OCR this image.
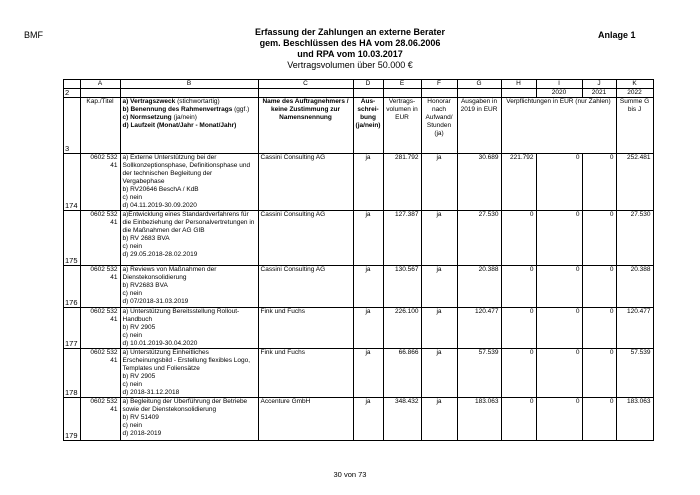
BMF	Anlage 1
Erfassung der Zahlungen an externe Berater
gem. Beschlüssen des HA vom 28.06.2006
und RPA vom 10.03.2017
Vertragsvolumen über 50.000 €
	A	B	C	D	E	F	G	H	I	J	K
2									2020	2021	2022
3	Kap./Titel	a) Vertragszweck (stichwortartig)
b) Benennung des Rahmenvertrags (ggf.)
c) Normsetzung (ja/nein)
d) Laufzeit (Monat/Jahr - Monat/Jahr)	Name des Auftragnehmers / keine Zustimmung zur Namensnennung	Aus-schrei-bung (ja/nein)	Vertrags-volumen in EUR	Honorar nach Aufwand/ Stunden (ja)	Ausgaben in 2019 in EUR	Verpflichtungen in EUR (nur Zahlen)			Summe G bis J
174	0602 532 41	a) Externe Unterstützung bei der Sollkonzeptionsphase, Definitionsphase und der technischen Begleitung der Vergabephase
b) RV20646 BeschA / KdB
c) nein
d) 04.11.2019-30.09.2020	Cassini Consulting AG	ja	281.792	ja	30.689	221.792	0	0	252.481
175	0602 532 41	a)Entwicklung eines Standardverfahrens für die Einbeziehung der Personalvertretungen in die Maßnahmen der AG GIB
b) RV 2683 BVA
c) nein
d) 29.05.2018-28.02.2019	Cassini Consulting AG	ja	127.387	ja	27.530	0	0	0	27.530
176	0602 532 41	a) Reviews von Maßnahmen der Dienstekonsolidierung
b) RV2683 BVA
c) nein
d) 07/2018-31.03.2019	Cassini Consulting AG	ja	130.567	ja	20.388	0	0	0	20.388
177	0602 532 41	a) Unterstützung Bereitsstellung Rollout-Handbuch
b) RV 2905
c) nein
d) 10.01.2019-30.04.2020	Fink und Fuchs	ja	226.100	ja	120.477	0	0	0	120.477
178	0602 532 41	a) Unterstützung Einheitliches Erscheinungsbild - Erstellung flexibles Logo, Templates und Foliensätze
b) RV 2905
c) nein
d) 2018-31.12.2018	Fink und Fuchs	ja	66.866	ja	57.539	0	0	0	57.539
179	0602 532 41	a) Begleitung der Überführung der Betriebe sowie der Dienstekonsolidierung
b) RV 51409
c) nein
d) 2018-2019	Accenture GmbH	ja	348.432	ja	183.063	0	0	0	183.063
30 von 73
